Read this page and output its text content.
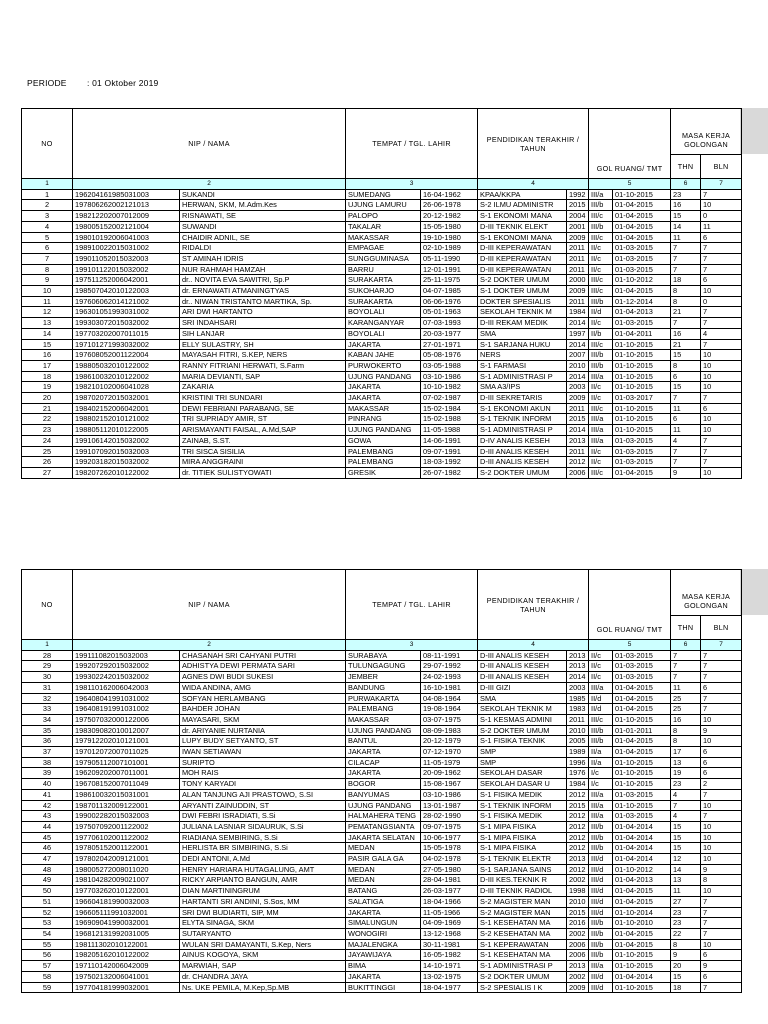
PERIODE : 01 Oktober 2019
NO	NIP / NAMA		TEMPAT / TGL. LAHIR		PENDIDIKAN TERAKHIR / TAHUN		GOL RUANG/ TMT		MASA KERJA GOLONGAN	
									THN	BLN
1	2		3		4		5		6	7
1	196204161985031003	SUKANDI	SUMEDANG	16-04-1962	KPAA/KKPA	1992	III/a	01-10-2015	23	7
2	197806262002121013	HERWAN, SKM, M.Adm.Kes	UJUNG LAMURU	26-06-1978	S-2 ILMU ADMINISTR	2015	III/b	01-04-2015	16	10
3	198212202007012009	RISNAWATI, SE	PALOPO	20-12-1982	S-1 EKONOMI MANA	2004	III/c	01-04-2015	15	0
4	198005152002121004	SUWANDI	TAKALAR	15-05-1980	D-III TEKNIK ELEKT	2001	III/b	01-04-2015	14	11
5	198010192006041003	CHAIDIR ADNIL, SE	MAKASSAR	19-10-1980	S-1 EKONOMI MANA	2009	III/c	01-04-2015	11	6
6	198910022015031002	RIDALDI	EMPAGAE	02-10-1989	D-III KEPERAWATAN	2011	II/c	01-03-2015	7	7
7	199011052015032003	ST AMINAH IDRIS	SUNGGUMINASA	05-11-1990	D-III KEPERAWATAN	2011	II/c	01-03-2015	7	7
8	199101122015032002	NUR RAHMAH HAMZAH	BARRU	12-01-1991	D-III KEPERAWATAN	2011	II/c	01-03-2015	7	7
9	197511252006042001	dr.. NOVITA EVA SAWITRI, Sp.P	SURAKARTA	25-11-1975	S-2 DOKTER UMUM	2000	III/c	01-10-2012	18	6
10	198507042010122003	dr. ERNAWATI ATMANINGTYAS	SUKOHARJO	04-07-1985	S-1 DOKTER UMUM	2009	III/c	01-04-2015	8	10
11	197606062014121002	dr.. NIWAN TRISTANTO MARTIKA, Sp.	SURAKARTA	06-06-1976	DOKTER SPESIALIS	2011	III/b	01-12-2014	8	0
12	196301051993031002	ARI DWI HARTANTO	BOYOLALI	05-01-1963	SEKOLAH TEKNIK M	1984	II/d	01-04-2013	21	7
13	199303072015032002	SRI INDAHSARI	KARANGANYAR	07-03-1993	D-III REKAM MEDIK	2014	II/c	01-03-2015	7	7
14	197703202007011015	SIH LANJAR	BOYOLALI	20-03-1977	SMA	1997	II/b	01-04-2011	16	4
15	197101271993032002	ELLY SULASTRY, SH	JAKARTA	27-01-1971	S-1 SARJANA HUKU	2014	III/c	01-10-2015	21	7
16	197608052001122004	MAYASAH FITRI, S.KEP, NERS	KABAN JAHE	05-08-1976	NERS	2007	III/b	01-10-2015	15	10
17	198805032010122002	RANNY FITRIANI HERWATI, S.Farm	PURWOKERTO	03-05-1988	S-1 FARMASI	2010	III/b	01-10-2015	8	10
18	198610032010122002	MARIA DEVIANTI, SAP	UJUNG PANDANG	03-10-1986	S-1 ADMINISTRASI P	2014	III/a	01-10-2015	6	10
19	198210102006041028	ZAKARIA	JAKARTA	10-10-1982	SMA A3/IPS	2003	II/c	01-10-2015	15	10
20	198702072015032001	KRISTINI TRI SUNDARI	JAKARTA	07-02-1987	D-III SEKRETARIS	2009	II/c	01-03-2017	7	7
21	198402152006042001	DEWI FEBRIANI PARABANG, SE	MAKASSAR	15-02-1984	S-1 EKONOMI AKUN	2011	III/c	01-10-2015	11	6
22	198802152010121002	TRI SUPRIADY AMIR, ST	PINRANG	15-02-1988	S-1 TEKNIK INFORM	2015	III/a	01-10-2015	6	10
23	198805112010122005	ARISMAYANTI FAISAL, A.Md,SAP	UJUNG PANDANG	11-05-1988	S-1 ADMINISTRASI P	2014	III/a	01-10-2015	11	10
24	199106142015032002	ZAINAB, S.ST.	GOWA	14-06-1991	D-IV ANALIS KESEH	2013	III/a	01-03-2015	4	7
25	199107092015032003	TRI SISCA SISILIA	PALEMBANG	09-07-1991	D-III ANALIS KESEH	2011	II/c	01-03-2015	7	7
26	199203182015032002	MIRA ANGGRAINI	PALEMBANG	18-03-1992	D-III ANALIS KESEH	2012	II/c	01-03-2015	7	7
27	198207262010122002	dr. TITIEK SULISTYOWATI	GRESIK	26-07-1982	S-2 DOKTER UMUM	2006	III/c	01-04-2015	9	10
NO	NIP / NAMA		TEMPAT / TGL. LAHIR		PENDIDIKAN TERAKHIR / TAHUN		GOL RUANG/ TMT		MASA KERJA GOLONGAN	
									THN	BLN
1	2		3		4		5		6	7
28	199111082015032003	CHASANAH SRI CAHYANI PUTRI	SURABAYA	08-11-1991	D-III ANALIS KESEH	2013	II/c	01-03-2015	7	7
29	199207292015032002	ADHISTYA DEWI PERMATA SARI	TULUNGAGUNG	29-07-1992	D-III ANALIS KESEH	2013	II/c	01-03-2015	7	7
30	199302242015032002	AGNES DWI BUDI SUKESI	JEMBER	24-02-1993	D-III ANALIS KESEH	2014	II/c	01-03-2015	7	7
31	198110162006042003	WIDA ANDINA, AMG	BANDUNG	16-10-1981	D-III GIZI	2003	III/a	01-04-2015	11	6
32	196408041991031002	SOFYAN HERLAMBANG	PURWAKARTA	04-08-1964	SMA	1985	II/d	01-04-2015	25	7
33	196408191991031002	BAHDER JOHAN	PALEMBANG	19-08-1964	SEKOLAH TEKNIK M	1983	II/d	01-04-2015	25	7
34	197507032000122006	MAYASARI, SKM	MAKASSAR	03-07-1975	S-1 KESMAS ADMINI	2011	III/c	01-10-2015	16	10
35	198309082010012007	dr. ARIYANIE NURTANIA	UJUNG PANDANG	08-09-1983	S-2 DOKTER UMUM	2010	III/b	01-01-2011	8	9
36	197912202010121001	LUPY BUDY SETYANTO, ST	BANTUL	20-12-1979	S-1 FISIKA TEKNIK	2005	III/b	01-04-2015	8	10
37	197012072007011025	IWAN SETIAWAN	JAKARTA	07-12-1970	SMP	1989	II/a	01-04-2015	17	6
38	197905112007101001	SURIPTO	CILACAP	11-05-1979	SMP	1996	II/a	01-10-2015	13	6
39	196209202007011001	MOH RAIS	JAKARTA	20-09-1962	SEKOLAH DASAR	1976	I/c	01-10-2015	19	6
40	196708152007011049	TONY KARYADI	BOGOR	15-08-1967	SEKOLAH DASAR U	1984	I/c	01-10-2015	23	2
41	198610032015031001	ALAN TANJUNG AJI PRASTOWO, S.SI	BANYUMAS	03-10-1986	S-1 FISIKA MEDIK	2012	III/a	01-03-2015	4	7
42	198701132009122001	ARYANTI ZAINUDDIN, ST	UJUNG PANDANG	13-01-1987	S-1 TEKNIK INFORM	2015	III/a	01-10-2015	7	10
43	199002282015032003	DWI FEBRI ISRADIATI, S.Si	HALMAHERA TENG	28-02-1990	S-1 FISIKA MEDIK	2012	III/a	01-03-2015	4	7
44	197507092001122002	JULIANA LASNIAR SIDAURUK, S.Si	PEMATANGSIANTA	09-07-1975	S-1 MIPA FISIKA	2012	III/b	01-04-2014	15	10
45	197706102001122002	RIADIANA SEMBIRING, S.Si	JAKARTA SELATAN	10-06-1977	S-1 MIPA FISIKA	2012	III/b	01-04-2014	15	10
46	197805152001122001	HERLISTA BR SIMBIRING, S.Si	MEDAN	15-05-1978	S-1 MIPA FISIKA	2012	III/b	01-04-2014	15	10
47	197802042009121001	DEDI ANTONI, A.Md	PASIR GALA GA	04-02-1978	S-1 TEKNIK ELEKTR	2013	III/d	01-04-2014	12	10
48	198005272008011020	HENRY HARIARA HUTAGALUNG, AMT	MEDAN	27-05-1980	S-1 SARJANA SAINS	2012	III/d	01-10-2012	14	9
49	198104282009021007	RICKY ARPIANTO BANGUN, AMR	MEDAN	28-04-1981	D-III KES.TEKNIK R	2002	III/d	01-04-2013	13	8
50	197703262010122001	DIAN MARTININGRUM	BATANG	26-03-1977	D-III TEKNIK RADIOL	1998	III/d	01-04-2015	11	10
51	196604181990032003	HARTANTI SRI ANDINI, S.Sos, MM	SALATIGA	18-04-1966	S-2 MAGISTER MAN	2010	III/d	01-04-2015	27	7
52	196605111991032001	SRI DWI BUDIARTI, SIP, MM	JAKARTA	11-05-1966	S-2 MAGISTER MAN	2015	III/d	01-10-2014	23	7
53	196909041990032001	ELYTA SINAGA, SKM	SIMALUNGUN	04-09-1969	S-1 KESEHATAN MA	2016	III/b	01-10-2010	23	7
54	196812131992031005	SUTARYANTO	WONOGIRI	13-12-1968	S-2 KESEHATAN MA	2002	III/b	01-04-2015	22	7
55	198111302010122001	WULAN SRI DAMAYANTI, S.Kep, Ners	MAJALENGKA	30-11-1981	S-1 KEPERAWATAN	2006	III/b	01-04-2015	8	10
56	198205162010122002	AINUS KOGOYA, SKM	JAYAWIJAYA	16-05-1982	S-1 KESEHATAN MA	2006	III/b	01-10-2015	9	6
57	197110142006042009	MARWIAH, SAP	BIMA	14-10-1971	S-1 ADMINISTRASI P	2013	III/a	01-10-2015	20	9
58	197502132006041001	dr. CHANDRA JAYA	JAKARTA	13-02-1975	S-2 DOKTER UMUM	2002	III/d	01-04-2014	15	6
59	197704181999032001	Ns. UKE PEMILA, M.Kep,Sp.MB	BUKITTINGGI	18-04-1977	S-2 SPESIALIS I K	2009	III/d	01-10-2015	18	7
